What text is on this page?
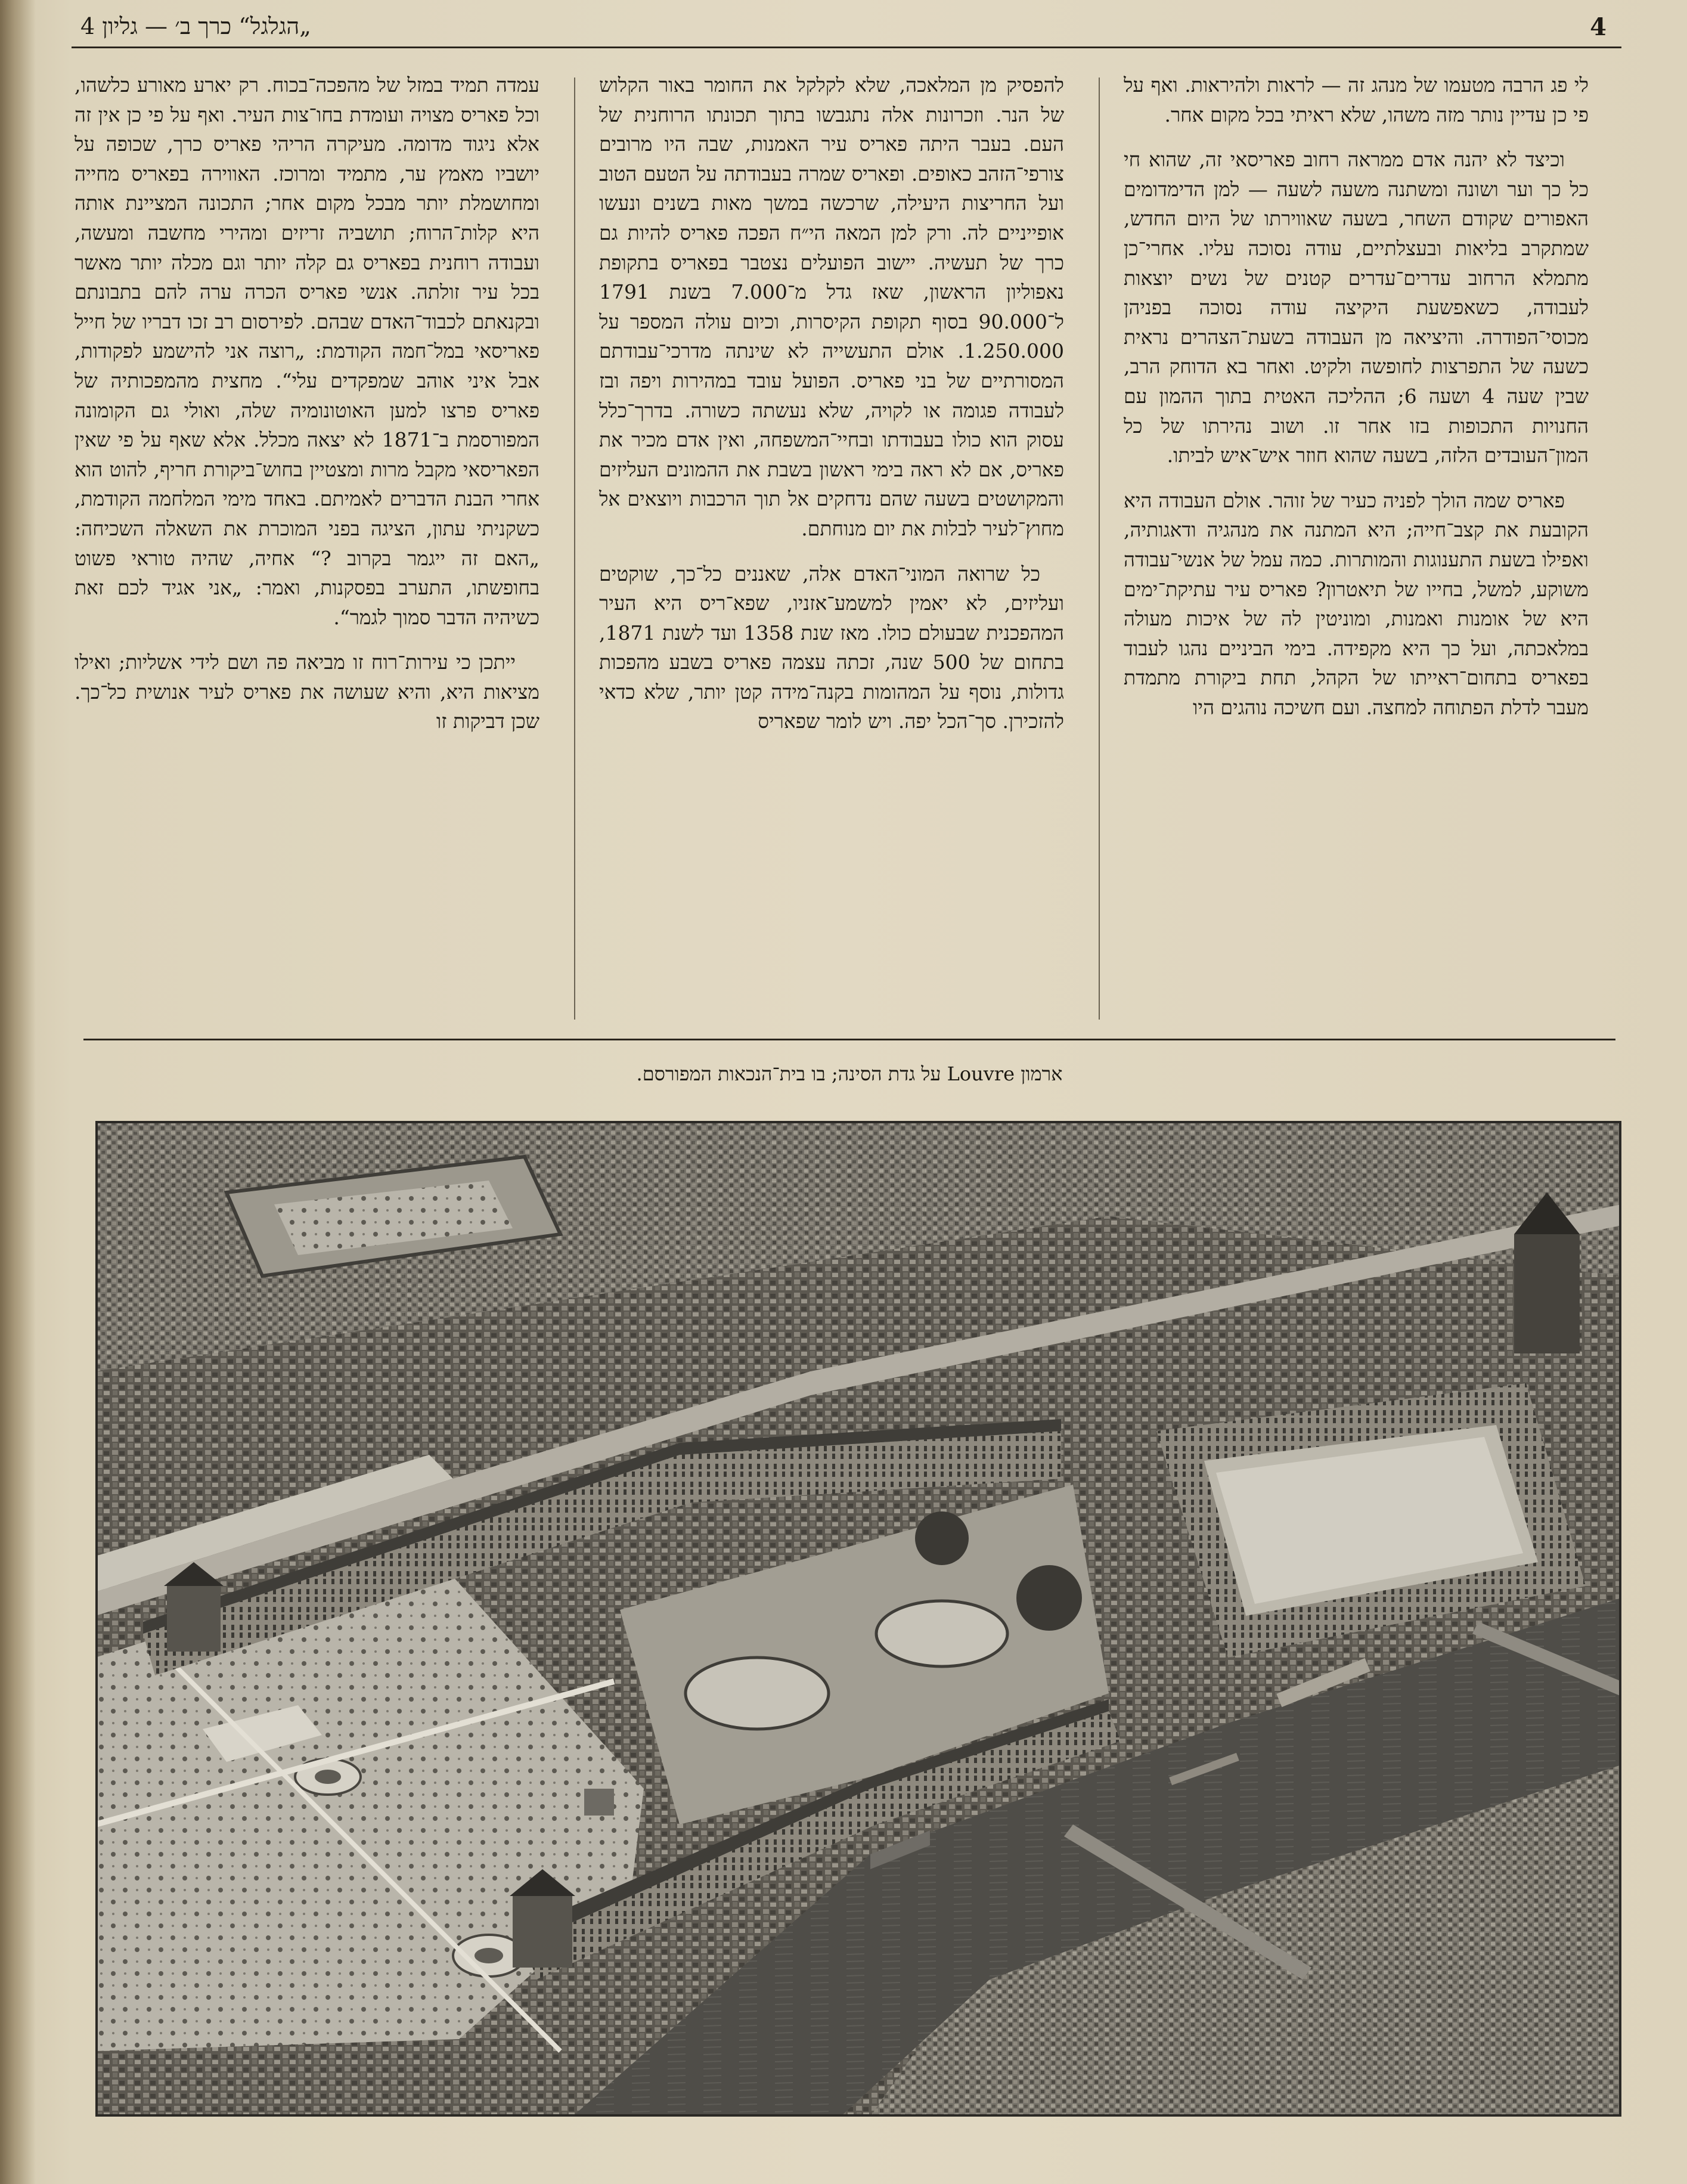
„הגלגל“ כרך ב׳ — גליון 4	4

לי פג הרבה מטעמו של מנהג זה — לראות ולהיראות. ואף על פי כן עדיין נותר מזה משהו, שלא ראיתי בכל מקום אחר.

וכיצד לא יהנה אדם ממראה רחוב פאריסאי זה, שהוא חי כל כך וער ושונה ומשתנה משעה לשעה — למן הדימדומים האפורים שקודם השחר, בשעה שאווירתו של היום החדש, שמתקרב בליאות ובעצלתיים, עודה נסוכה עליו. אחרי־כן מתמלא הרחוב עדרים־עדרים קטנים של נשים יוצאות לעבודה, כשאפשעת היקיצה עודה נסוכה בפניהן מכוסי־הפודרה. והיציאה מן העבודה בשעת־הצהרים נראית כשעה של התפרצות לחופשה ולקיט. ואחר בא הדוחק הרב, שבין שעה 4 ושעה 6; ההליכה האטית בתוך ההמון עם החנויות התכופות בזו אחר זו. ושוב נהירתו של כל המון־העובדים הלזה, בשעה שהוא חוזר איש־איש לביתו.

פאריס שמה הולך לפניה כעיר של זוהר. אולם העבודה היא הקובעת את קצב־חייה; היא המתנה את מנהגיה ודאגותיה, ואפילו בשעת התענוגות והמותרות. כמה עמל של אנשי־עבודה משוקע, למשל, בחייו של תיאטרון? פאריס עיר עתיקת־ימים היא של אומנות ואמנות, ומוניטין לה של איכות מעולה במלאכתה, ועל כך היא מקפידה. בימי הביניים נהגו לעבוד בפאריס בתחום־ראייתו של הקהל, תחת ביקורת מתמדת מעבר לדלת הפתוחה למחצה. ועם חשיכה נוהגים היו

להפסיק מן המלאכה, שלא לקלקל את החומר באור הקלוש של הנר. וזכרונות אלה נתגבשו בתוך תכונתו הרוחנית של העם. בעבר היתה פאריס עיר האמנות, שבה היו מרובים צורפי־הזהב כאופים. ופאריס שמרה בעבודתה על הטעם הטוב ועל החריצות היעילה, שרכשה במשך מאות בשנים ונעשו אופייניים לה. ורק למן המאה הי״ח הפכה פאריס להיות גם כרך של תעשיה. יישוב הפועלים נצטבר בפאריס בתקופת נאפוליון הראשון, שאז גדל מ־7.000 בשנת 1791 ל־90.000 בסוף תקופת הקיסרות, וכיום עולה המספר על 1.250.000. אולם התעשייה לא שינתה מדרכי־עבודתם המסורתיים של בני פאריס. הפועל עובד במהירות ויפה ובז לעבודה פגומה או לקויה, שלא נעשתה כשורה. בדרך־כלל עסוק הוא כולו בעבודתו ובחיי־המשפחה, ואין אדם מכיר את פאריס, אם לא ראה בימי ראשון בשבת את ההמונים העליזים והמקושטים בשעה שהם נדחקים אל תוך הרכבות ויוצאים אל מחוץ־לעיר לבלות את יום מנוחתם.

כל שרואה המוני־האדם אלה, שאננים כל־כך, שוקטים ועליזים, לא יאמין למשמע־אזניו, שפא־ריס היא העיר המהפכנית שבעולם כולו. מאז שנת 1358 ועד לשנת 1871, בתחום של 500 שנה, זכתה עצמה פאריס בשבע מהפכות גדולות, נוסף על המהומות בקנה־מידה קטן יותר, שלא כדאי להזכירן. סך־הכל יפה. ויש לומר שפאריס

עמדה תמיד במזל של מהפכה־בכוח. רק יארע מאורע כלשהו, וכל פאריס מצויה ועומדת בחו־צות העיר. ואף על פי כן אין זה אלא ניגוד מדומה. מעיקרה הריהי פאריס כרך, שכופה על יושביו מאמץ ער, מתמיד ומרוכז. האווירה בפאריס מחייה ומחושמלת יותר מבכל מקום אחר; התכונה המציינת אותה היא קלות־הרוח; תושביה זריזים ומהירי מחשבה ומעשה, ועבודה רוחנית בפאריס גם קלה יותר וגם מכלה יותר מאשר בכל עיר זולתה. אנשי פאריס הכרה ערה להם בתבונתם ובקנאתם לכבוד־האדם שבהם. לפירסום רב זכו דבריו של חייל פאריסאי במל־חמה הקודמת: „רוצה אני להישמע לפקודות, אבל איני אוהב שמפקדים עלי“. מחצית מהמפכותיה של פאריס פרצו למען האוטונומיה שלה, ואולי גם הקומונה המפורסמת ב־1871 לא יצאה מכלל. אלא שאף על פי שאין הפאריסאי מקבל מרות ומצטיין בחוש־ביקורת חריף, להוט הוא אחרי הבנת הדברים לאמיתם. באחד מימי המלחמה הקודמת, כשקניתי עתון, הציגה בפני המוכרת את השאלה השכיחה: „האם זה ייגמר בקרוב ?“ אחיה, שהיה טוראי פשוט בחופשתו, התערב בפסקנות, ואמר: „אני אגיד לכם זאת כשיהיה הדבר סמוך לגמר“.

ייתכן כי עירות־רוח זו מביאה פה ושם לידי אשליות; ואילו מציאות היא, והיא שעושה את פאריס לעיר אנושית כל־כך. שכן דביקות זו

ארמון Louvre על גדת הסינה; בו בית־הנכאות המפורסם.
